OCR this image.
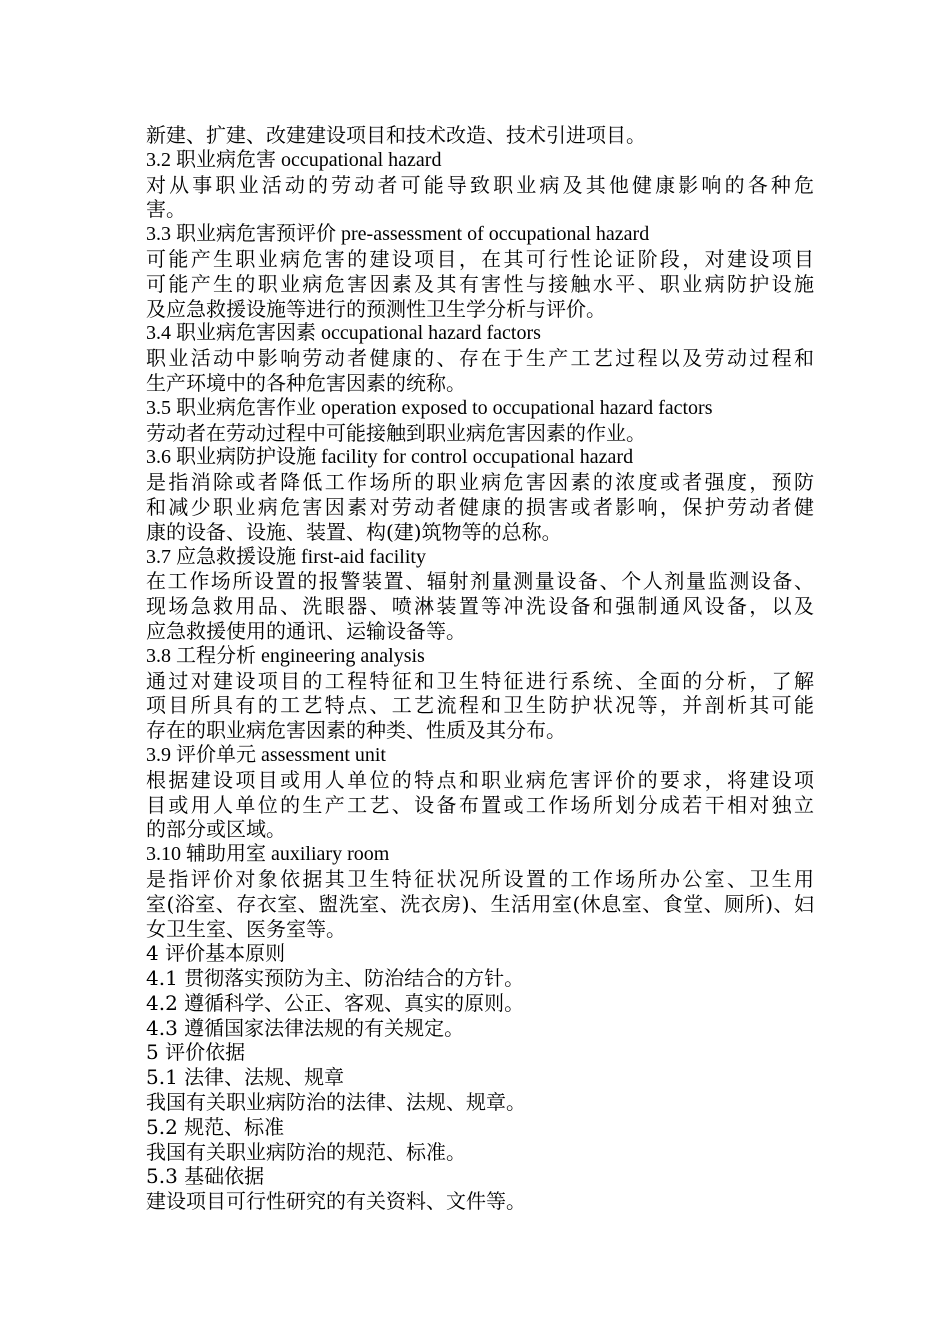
新建、扩建、改建建设项目和技术改造、技术引进项目。
3.2 职业病危害 occupational hazard
对从事职业活动的劳动者可能导致职业病及其他健康影响的各种危
害。
3.3 职业病危害预评价 pre-assessment of occupational hazard
可能产生职业病危害的建设项目，在其可行性论证阶段，对建设项目
可能产生的职业病危害因素及其有害性与接触水平、职业病防护设施
及应急救援设施等进行的预测性卫生学分析与评价。
3.4 职业病危害因素 occupational hazard factors
职业活动中影响劳动者健康的、存在于生产工艺过程以及劳动过程和
生产环境中的各种危害因素的统称。
3.5 职业病危害作业 operation exposed to occupational hazard factors
劳动者在劳动过程中可能接触到职业病危害因素的作业。
3.6 职业病防护设施 facility for control occupational hazard
是指消除或者降低工作场所的职业病危害因素的浓度或者强度，预防
和减少职业病危害因素对劳动者健康的损害或者影响，保护劳动者健
康的设备、设施、装置、构(建)筑物等的总称。
3.7 应急救援设施 first-aid facility
在工作场所设置的报警装置、辐射剂量测量设备、个人剂量监测设备、
现场急救用品、洗眼器、喷淋装置等冲洗设备和强制通风设备，以及
应急救援使用的通讯、运输设备等。
3.8 工程分析 engineering analysis
通过对建设项目的工程特征和卫生特征进行系统、全面的分析，了解
项目所具有的工艺特点、工艺流程和卫生防护状况等，并剖析其可能
存在的职业病危害因素的种类、性质及其分布。
3.9 评价单元 assessment unit
根据建设项目或用人单位的特点和职业病危害评价的要求，将建设项
目或用人单位的生产工艺、设备布置或工作场所划分成若干相对独立
的部分或区域。
3.10 辅助用室 auxiliary room
是指评价对象依据其卫生特征状况所设置的工作场所办公室、卫生用
室(浴室、存衣室、盥洗室、洗衣房)、生活用室(休息室、食堂、厕所)、妇
女卫生室、医务室等。
4 评价基本原则
4.1 贯彻落实预防为主、防治结合的方针。
4.2 遵循科学、公正、客观、真实的原则。
4.3 遵循国家法律法规的有关规定。
5 评价依据
5.1 法律、法规、规章
我国有关职业病防治的法律、法规、规章。
5.2 规范、标准
我国有关职业病防治的规范、标准。
5.3 基础依据
建设项目可行性研究的有关资料、文件等。
